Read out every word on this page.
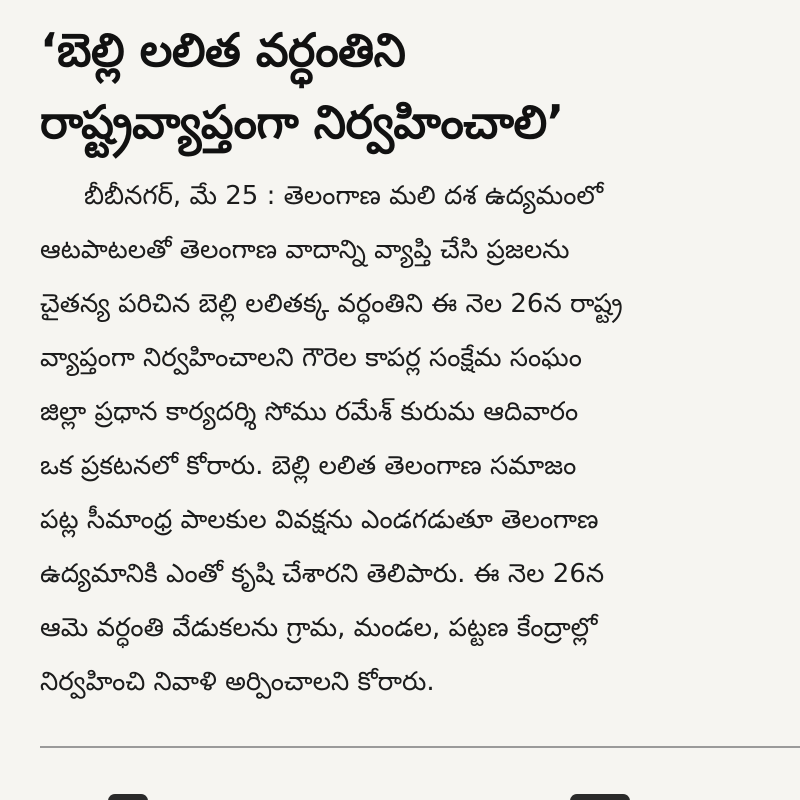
‘బెల్లి లలిత వర్ధంతిని
రాష్ట్రవ్యాప్తంగా నిర్వహించాలి’
బీబీనగర్, మే 25 : తెలంగాణ మలి దశ ఉద్యమంలో
ఆటపాటలతో తెలంగాణ వాదాన్ని వ్యాప్తి చేసి ప్రజలను
చైతన్య పరిచిన బెల్లి లలితక్క వర్ధంతిని ఈ నెల 26న రాష్ట్ర
వ్యాప్తంగా నిర్వహించాలని గౌరెల కాపర్ల సంక్షేమ సంఘం
జిల్లా ప్రధాన కార్యదర్శి సోము రమేశ్ కురుమ ఆదివారం
ఒక ప్రకటనలో కోరారు. బెల్లి లలిత తెలంగాణ సమాజం
పట్ల సీమాంధ్ర పాలకుల వివక్షను ఎండగడుతూ తెలంగాణ
ఉద్యమానికి ఎంతో కృషి చేశారని తెలిపారు. ఈ నెల 26న
ఆమె వర్ధంతి వేడుకలను గ్రామ, మండల, పట్టణ కేంద్రాల్లో
నిర్వహించి నివాళి అర్పించాలని కోరారు.
